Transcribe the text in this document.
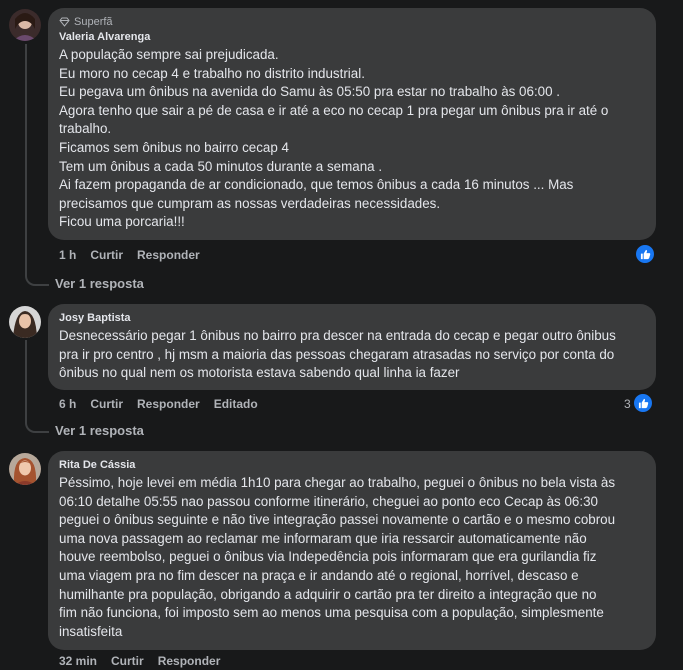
Superfã
Valeria Alvarenga
A população sempre sai prejudicada.
Eu moro no cecap 4 e trabalho no distrito industrial.
Eu pegava um ônibus na avenida do Samu às 05:50 pra estar no trabalho às 06:00 .
Agora tenho que sair a pé de casa e ir até a eco no cecap 1 pra pegar um ônibus pra ir até o
trabalho.
Ficamos sem ônibus no bairro cecap 4
Tem um ônibus a cada 50 minutos durante a semana .
Ai fazem propaganda de ar condicionado, que temos ônibus a cada 16 minutos ... Mas
precisamos que cumpram as nossas verdadeiras necessidades.
Ficou uma porcaria!!!
1 h Curtir Responder
Ver 1 resposta
Josy Baptista
Desnecessário pegar 1 ônibus no bairro pra descer na entrada do cecap e pegar outro ônibus
pra ir pro centro , hj msm a maioria das pessoas chegaram atrasadas no serviço por conta do
ônibus no qual nem os motorista estava sabendo qual linha ia fazer
6 h Curtir Responder Editado	3
Ver 1 resposta
Rita De Cássia
Péssimo, hoje levei em média 1h10 para chegar ao trabalho, peguei o ônibus no bela vista às
06:10 detalhe 05:55 nao passou conforme itinerário, cheguei ao ponto eco Cecap às 06:30
peguei o ônibus seguinte e não tive integração passei novamente o cartão e o mesmo cobrou
uma nova passagem ao reclamar me informaram que iria ressarcir automaticamente não
houve reembolso, peguei o ônibus via Indepedência pois informaram que era gurilandia fiz
uma viagem pra no fim descer na praça e ir andando até o regional, horrível, descaso e
humilhante pra população, obrigando a adquirir o cartão pra ter direito a integração que no
fim não funciona, foi imposto sem ao menos uma pesquisa com a população, simplesmente
insatisfeita
32 min Curtir Responder
